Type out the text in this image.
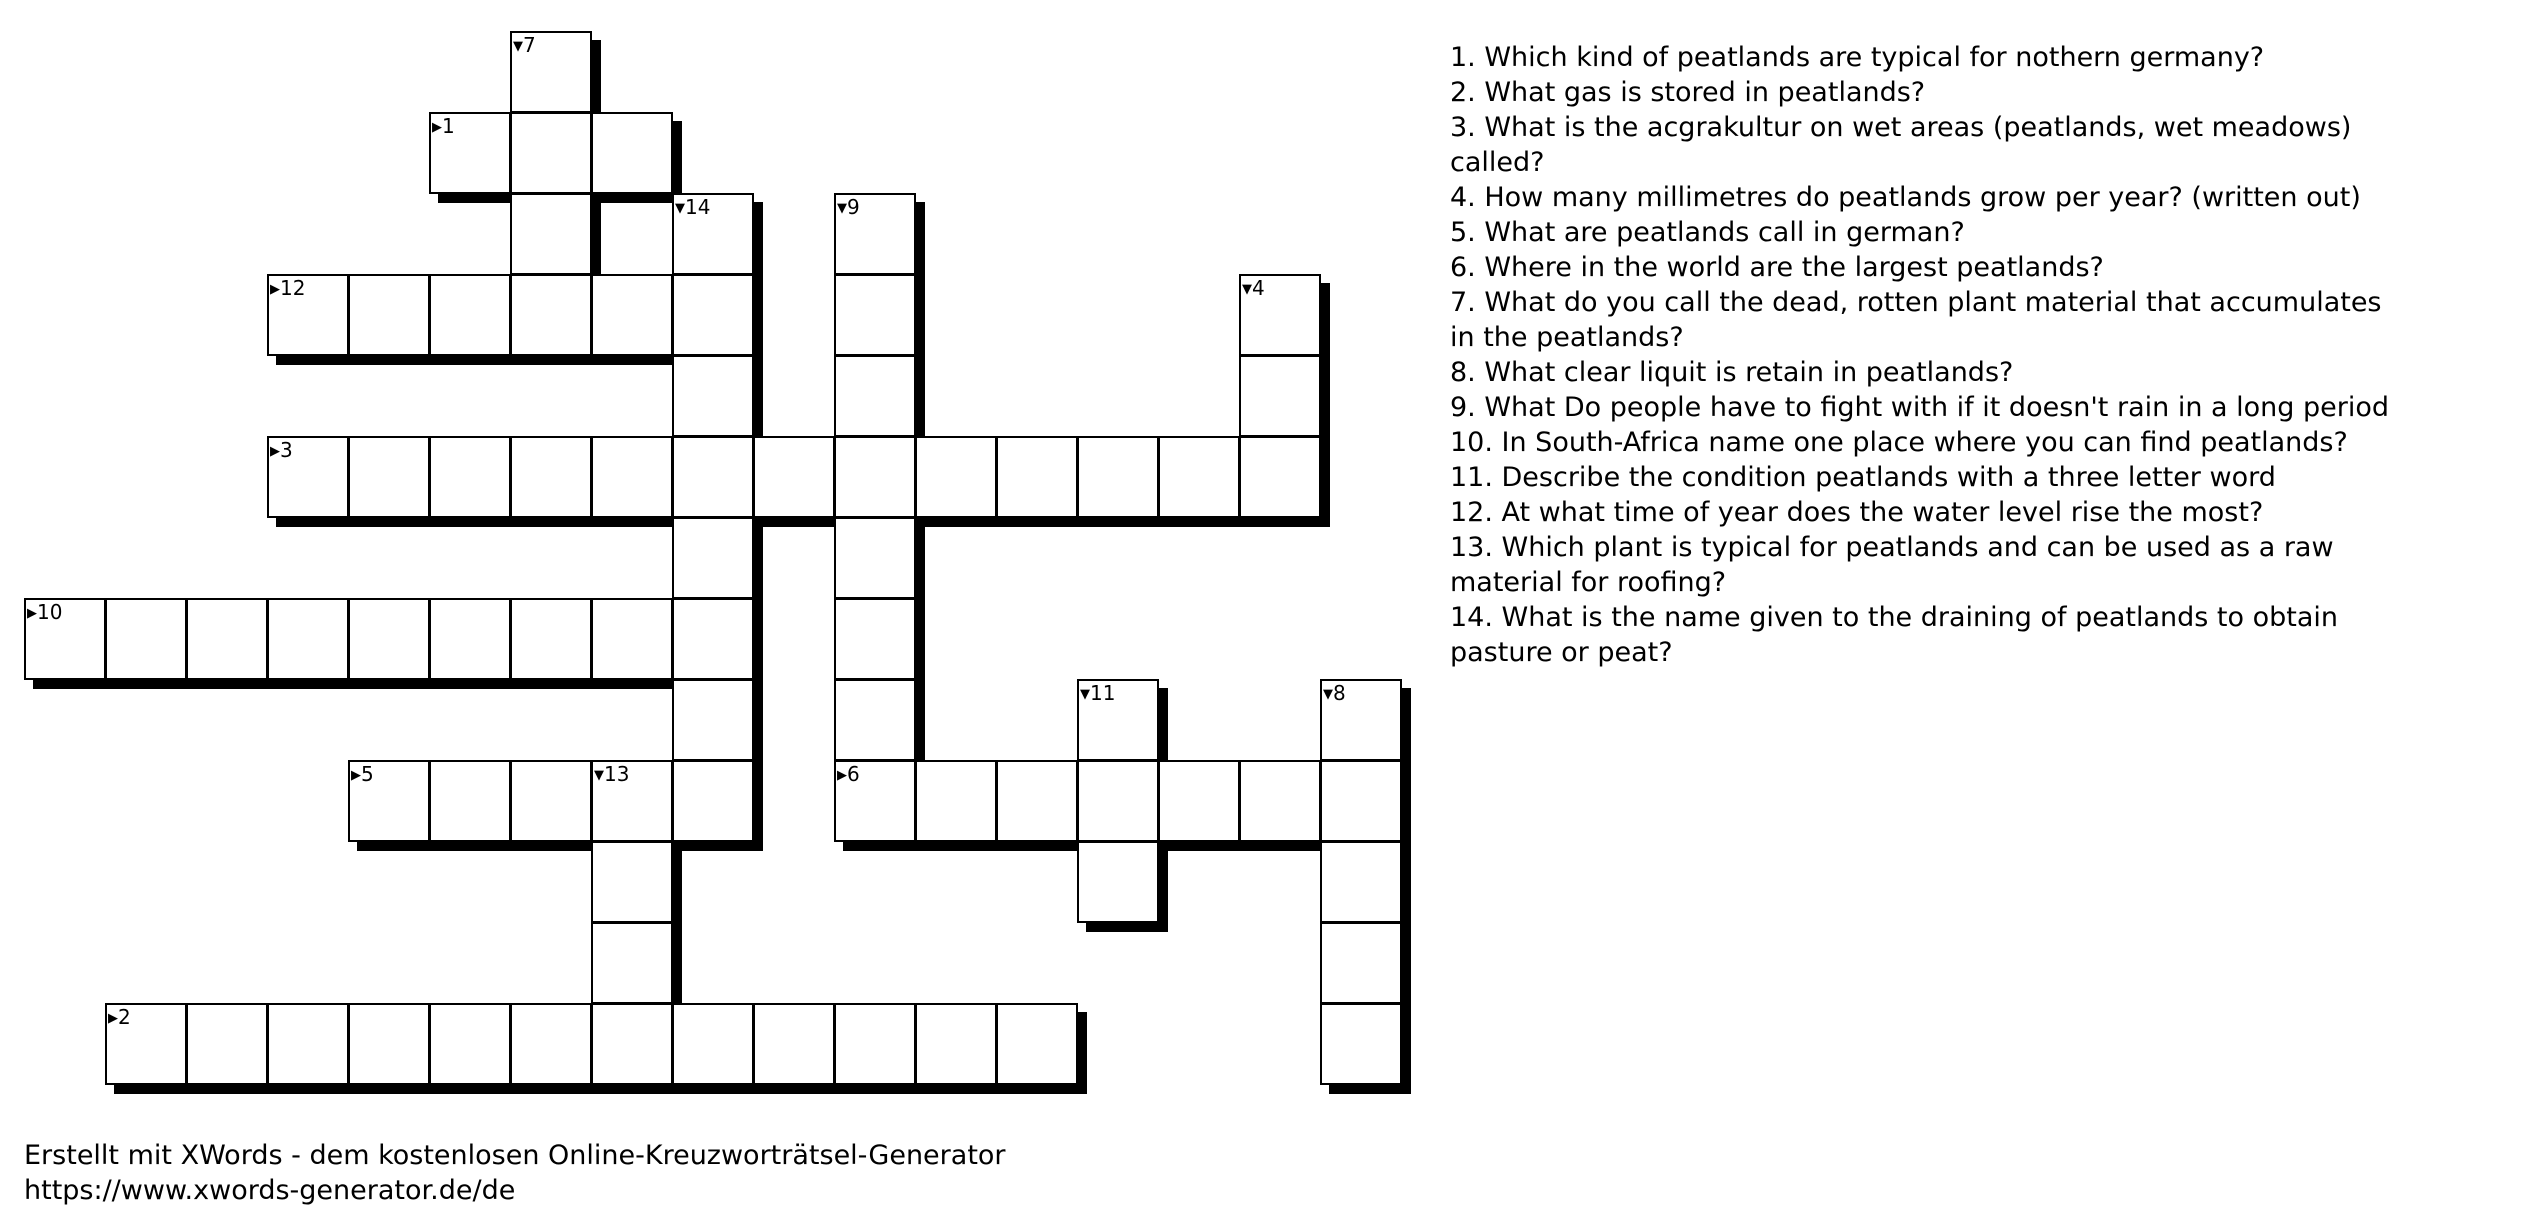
▼7
▶1
▼14	▼9
▶12	▼4
▶3
▶10
▼11	▼8
▶5	▼13	▶6
▶2
1. Which kind of peatlands are typical for nothern germany?
2. What gas is stored in peatlands?
3. What is the acgrakultur on wet areas (peatlands, wet meadows) called?
4. How many millimetres do peatlands grow per year? (written out)
5. What are peatlands call in german?
6. Where in the world are the largest peatlands?
7. What do you call the dead, rotten plant material that accumulates in the peatlands?
8. What clear liquit is retain in peatlands?
9. What Do people have to fight with if it doesn't rain in a long period
10. In South-Africa name one place where you can find peatlands?
11. Describe the condition peatlands with a three letter word
12. At what time of year does the water level rise the most?
13. Which plant is typical for peatlands and can be used as a raw material for roofing?
14. What is the name given to the draining of peatlands to obtain pasture or peat?
Erstellt mit XWords - dem kostenlosen Online-Kreuzworträtsel-Generator
https://www.xwords-generator.de/de
